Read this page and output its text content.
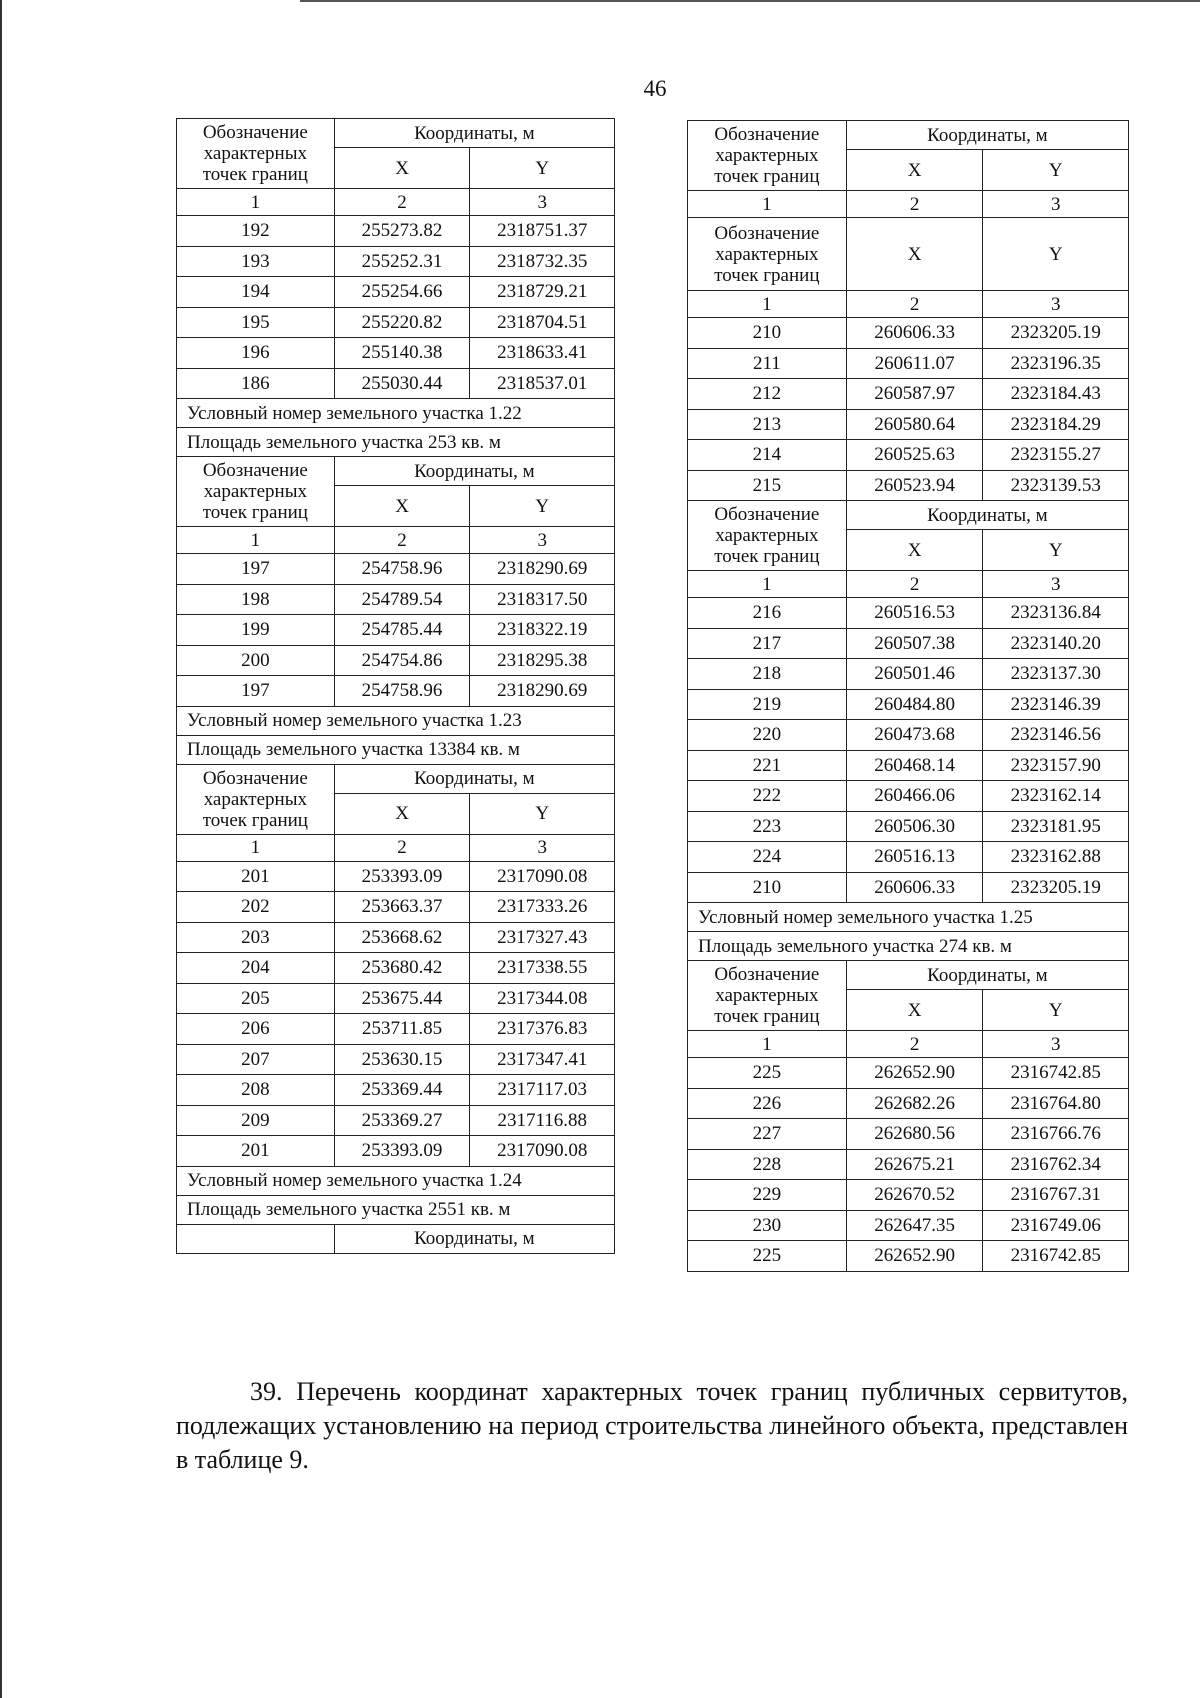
46
Обозначение характерных точек границ	Координаты, м	
	X	Y
1	2	3
192	255273.82	2318751.37
193	255252.31	2318732.35
194	255254.66	2318729.21
195	255220.82	2318704.51
196	255140.38	2318633.41
186	255030.44	2318537.01
Условный номер земельного участка 1.22		
Площадь земельного участка 253 кв. м		
Обозначение характерных точек границ	Координаты, м	
	X	Y
1	2	3
197	254758.96	2318290.69
198	254789.54	2318317.50
199	254785.44	2318322.19
200	254754.86	2318295.38
197	254758.96	2318290.69
Условный номер земельного участка 1.23		
Площадь земельного участка 13384 кв. м		
Обозначение характерных точек границ	Координаты, м	
	X	Y
1	2	3
201	253393.09	2317090.08
202	253663.37	2317333.26
203	253668.62	2317327.43
204	253680.42	2317338.55
205	253675.44	2317344.08
206	253711.85	2317376.83
207	253630.15	2317347.41
208	253369.44	2317117.03
209	253369.27	2317116.88
201	253393.09	2317090.08
Условный номер земельного участка 1.24		
Площадь земельного участка 2551 кв. м		
	Координаты, м	
Обозначение характерных точек границ	Координаты, м	
	X	Y
1	2	3
Обозначение характерных точек границ	X	Y
1	2	3
210	260606.33	2323205.19
211	260611.07	2323196.35
212	260587.97	2323184.43
213	260580.64	2323184.29
214	260525.63	2323155.27
215	260523.94	2323139.53
Обозначение характерных точек границ	Координаты, м	
	X	Y
1	2	3
216	260516.53	2323136.84
217	260507.38	2323140.20
218	260501.46	2323137.30
219	260484.80	2323146.39
220	260473.68	2323146.56
221	260468.14	2323157.90
222	260466.06	2323162.14
223	260506.30	2323181.95
224	260516.13	2323162.88
210	260606.33	2323205.19
Условный номер земельного участка 1.25		
Площадь земельного участка 274 кв. м		
Обозначение характерных точек границ	Координаты, м	
	X	Y
1	2	3
225	262652.90	2316742.85
226	262682.26	2316764.80
227	262680.56	2316766.76
228	262675.21	2316762.34
229	262670.52	2316767.31
230	262647.35	2316749.06
225	262652.90	2316742.85

39. Перечень координат характерных точек границ публичных сервитутов, подлежащих установлению на период строительства линейного объекта, представлен в таблице 9.
